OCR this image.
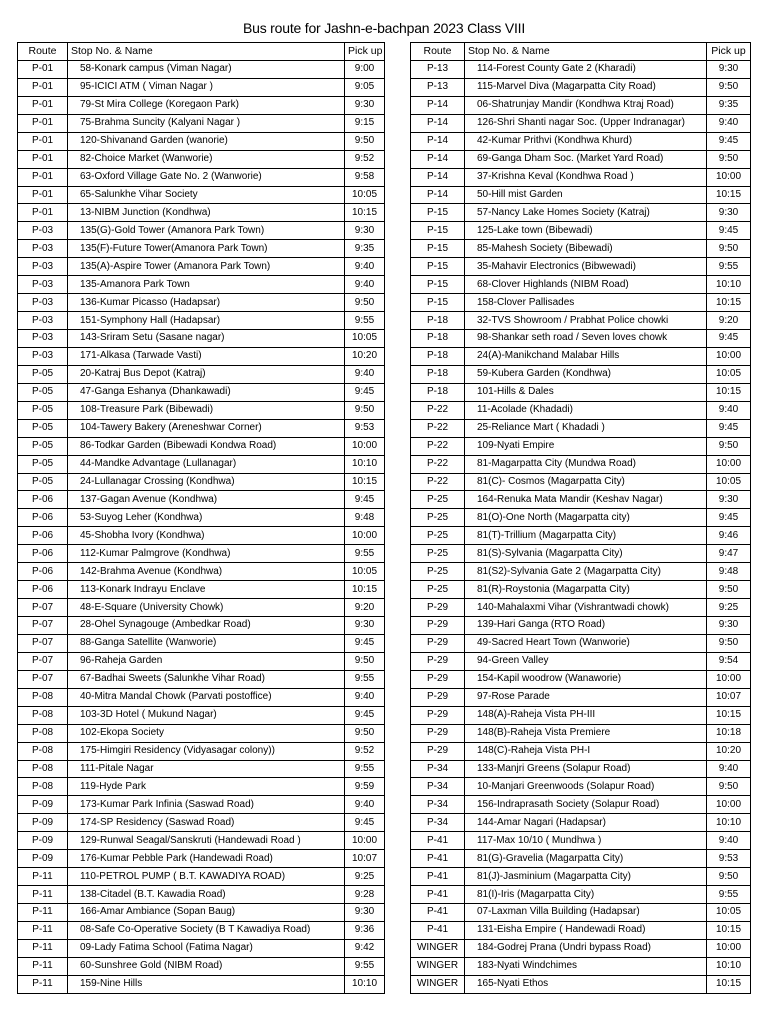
Bus route for Jashn-e-bachpan 2023 Class VIII
Route	Stop No. & Name	Pick up
P-01	58-Konark campus (Viman Nagar)	9:00
P-01	95-ICICI ATM ( Viman Nagar )	9:05
P-01	79-St Mira College (Koregaon Park)	9:30
P-01	75-Brahma Suncity (Kalyani Nagar )	9:15
P-01	120-Shivanand Garden (wanorie)	9:50
P-01	82-Choice Market (Wanworie)	9:52
P-01	63-Oxford Village Gate No. 2 (Wanworie)	9:58
P-01	65-Salunkhe Vihar Society	10:05
P-01	13-NIBM Junction (Kondhwa)	10:15
P-03	135(G)-Gold Tower (Amanora Park Town)	9:30
P-03	135(F)-Future Tower(Amanora Park Town)	9:35
P-03	135(A)-Aspire Tower (Amanora Park Town)	9:40
P-03	135-Amanora Park Town	9:40
P-03	136-Kumar Picasso (Hadapsar)	9:50
P-03	151-Symphony Hall (Hadapsar)	9:55
P-03	143-Sriram Setu (Sasane nagar)	10:05
P-03	171-Alkasa (Tarwade Vasti)	10:20
P-05	20-Katraj Bus Depot (Katraj)	9:40
P-05	47-Ganga Eshanya (Dhankawadi)	9:45
P-05	108-Treasure Park (Bibewadi)	9:50
P-05	104-Tawery Bakery (Areneshwar Corner)	9:53
P-05	86-Todkar Garden (Bibewadi Kondwa Road)	10:00
P-05	44-Mandke Advantage (Lullanagar)	10:10
P-05	24-Lullanagar Crossing (Kondhwa)	10:15
P-06	137-Gagan Avenue (Kondhwa)	9:45
P-06	53-Suyog Leher (Kondhwa)	9:48
P-06	45-Shobha Ivory (Kondhwa)	10:00
P-06	112-Kumar Palmgrove (Kondhwa)	9:55
P-06	142-Brahma Avenue (Kondhwa)	10:05
P-06	113-Konark Indrayu Enclave	10:15
P-07	48-E-Square (University Chowk)	9:20
P-07	28-Ohel Synagouge (Ambedkar Road)	9:30
P-07	88-Ganga Satellite (Wanworie)	9:45
P-07	96-Raheja Garden	9:50
P-07	67-Badhai Sweets (Salunkhe Vihar Road)	9:55
P-08	40-Mitra Mandal Chowk (Parvati postoffice)	9:40
P-08	103-3D Hotel ( Mukund Nagar)	9:45
P-08	102-Ekopa Society	9:50
P-08	175-Himgiri Residency (Vidyasagar colony))	9:52
P-08	111-Pitale Nagar	9:55
P-08	119-Hyde Park	9:59
P-09	173-Kumar Park Infinia (Saswad Road)	9:40
P-09	174-SP Residency (Saswad Road)	9:45
P-09	129-Runwal Seagal/Sanskruti (Handewadi Road )	10:00
P-09	176-Kumar Pebble Park (Handewadi Road)	10:07
P-11	110-PETROL PUMP ( B.T. KAWADIYA ROAD)	9:25
P-11	138-Citadel (B.T. Kawadia Road)	9:28
P-11	166-Amar Ambiance (Sopan Baug)	9:30
P-11	08-Safe Co-Operative Society (B T Kawadiya Road)	9:36
P-11	09-Lady Fatima School (Fatima Nagar)	9:42
P-11	60-Sunshree Gold (NIBM Road)	9:55
P-11	159-Nine Hills	10:10
Route	Stop No. & Name	Pick up
P-13	114-Forest County Gate 2 (Kharadi)	9:30
P-13	115-Marvel Diva (Magarpatta City Road)	9:50
P-14	06-Shatrunjay Mandir (Kondhwa Ktraj Road)	9:35
P-14	126-Shri Shanti nagar Soc. (Upper Indranagar)	9:40
P-14	42-Kumar Prithvi (Kondhwa Khurd)	9:45
P-14	69-Ganga Dham Soc. (Market Yard Road)	9:50
P-14	37-Krishna Keval (Kondhwa Road )	10:00
P-14	50-Hill mist Garden	10:15
P-15	57-Nancy Lake Homes Society (Katraj)	9:30
P-15	125-Lake town (Bibewadi)	9:45
P-15	85-Mahesh Society (Bibewadi)	9:50
P-15	35-Mahavir Electronics (Bibwewadi)	9:55
P-15	68-Clover Highlands (NIBM Road)	10:10
P-15	158-Clover Pallisades	10:15
P-18	32-TVS Showroom / Prabhat Police chowki	9:20
P-18	98-Shankar seth road / Seven loves chowk	9:45
P-18	24(A)-Manikchand Malabar Hills	10:00
P-18	59-Kubera Garden (Kondhwa)	10:05
P-18	101-Hills & Dales	10:15
P-22	11-Acolade (Khadadi)	9:40
P-22	25-Reliance Mart ( Khadadi )	9:45
P-22	109-Nyati Empire	9:50
P-22	81-Magarpatta City (Mundwa Road)	10:00
P-22	81(C)- Cosmos (Magarpatta City)	10:05
P-25	164-Renuka Mata Mandir (Keshav Nagar)	9:30
P-25	81(O)-One North (Magarpatta city)	9:45
P-25	81(T)-Trillium (Magarpatta City)	9:46
P-25	81(S)-Sylvania (Magarpatta City)	9:47
P-25	81(S2)-Sylvania Gate 2 (Magarpatta City)	9:48
P-25	81(R)-Roystonia (Magarpatta City)	9:50
P-29	140-Mahalaxmi Vihar (Vishrantwadi chowk)	9:25
P-29	139-Hari Ganga (RTO Road)	9:30
P-29	49-Sacred Heart Town (Wanworie)	9:50
P-29	94-Green Valley	9:54
P-29	154-Kapil woodrow (Wanaworie)	10:00
P-29	97-Rose Parade	10:07
P-29	148(A)-Raheja Vista PH-III	10:15
P-29	148(B)-Raheja Vista Premiere	10:18
P-29	148(C)-Raheja Vista PH-I	10:20
P-34	133-Manjri Greens (Solapur Road)	9:40
P-34	10-Manjari Greenwoods (Solapur Road)	9:50
P-34	156-Indraprasath Society (Solapur Road)	10:00
P-34	144-Amar Nagari (Hadapsar)	10:10
P-41	117-Max 10/10 ( Mundhwa )	9:40
P-41	81(G)-Gravelia (Magarpatta City)	9:53
P-41	81(J)-Jasminium (Magarpatta City)	9:50
P-41	81(I)-Iris (Magarpatta City)	9:55
P-41	07-Laxman Villa Building (Hadapsar)	10:05
P-41	131-Eisha Empire ( Handewadi Road)	10:15
WINGER	184-Godrej Prana (Undri bypass Road)	10:00
WINGER	183-Nyati Windchimes	10:10
WINGER	165-Nyati Ethos	10:15
